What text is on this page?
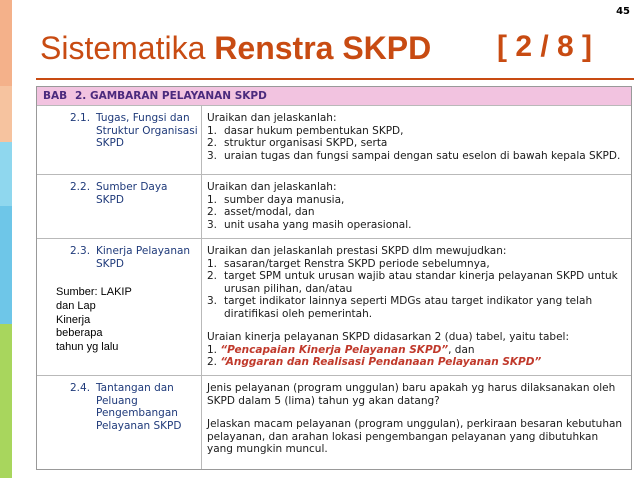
45
Sistematika Renstra SKPD [ 2 / 8 ]
BAB 2. GAMBARAN PELAYANAN SKPD
2.1. Tugas, Fungsi dan
Struktur Organisasi
SKPD
Uraikan dan jelaskanlah:
1. dasar hukum pembentukan SKPD,
2. struktur organisasi SKPD, serta
3. uraian tugas dan fungsi sampai dengan satu eselon di bawah kepala SKPD.
2.2. Sumber Daya
SKPD
Uraikan dan jelaskanlah:
1. sumber daya manusia,
2. asset/modal, dan
3. unit usaha yang masih operasional.
2.3. Kinerja Pelayanan
SKPD
Uraikan dan jelaskanlah prestasi SKPD dlm mewujudkan:
1. sasaran/target Renstra SKPD periode sebelumnya,
2. target SPM untuk urusan wajib atau standar kinerja pelayanan SKPD untuk urusan pilihan, dan/atau
3. target indikator lainnya seperti MDGs atau target indikator yang telah diratifikasi oleh pemerintah.
Uraian kinerja pelayanan SKPD didasarkan 2 (dua) tabel, yaitu tabel:
1. “Pencapaian Kinerja Pelayanan SKPD”, dan
2. “Anggaran dan Realisasi Pendanaan Pelayanan SKPD”
2.4. Tantangan dan
Peluang
Pengembangan
Pelayanan SKPD
Jenis pelayanan (program unggulan) baru apakah yg harus dilaksanakan oleh SKPD dalam 5 (lima) tahun yg akan datang?
Jelaskan macam pelayanan (program unggulan), perkiraan besaran kebutuhan pelayanan, dan arahan lokasi pengembangan pelayanan yang dibutuhkan yang mungkin muncul.
Sumber: LAKIP
dan Lap
Kinerja
beberapa
tahun yg lalu
